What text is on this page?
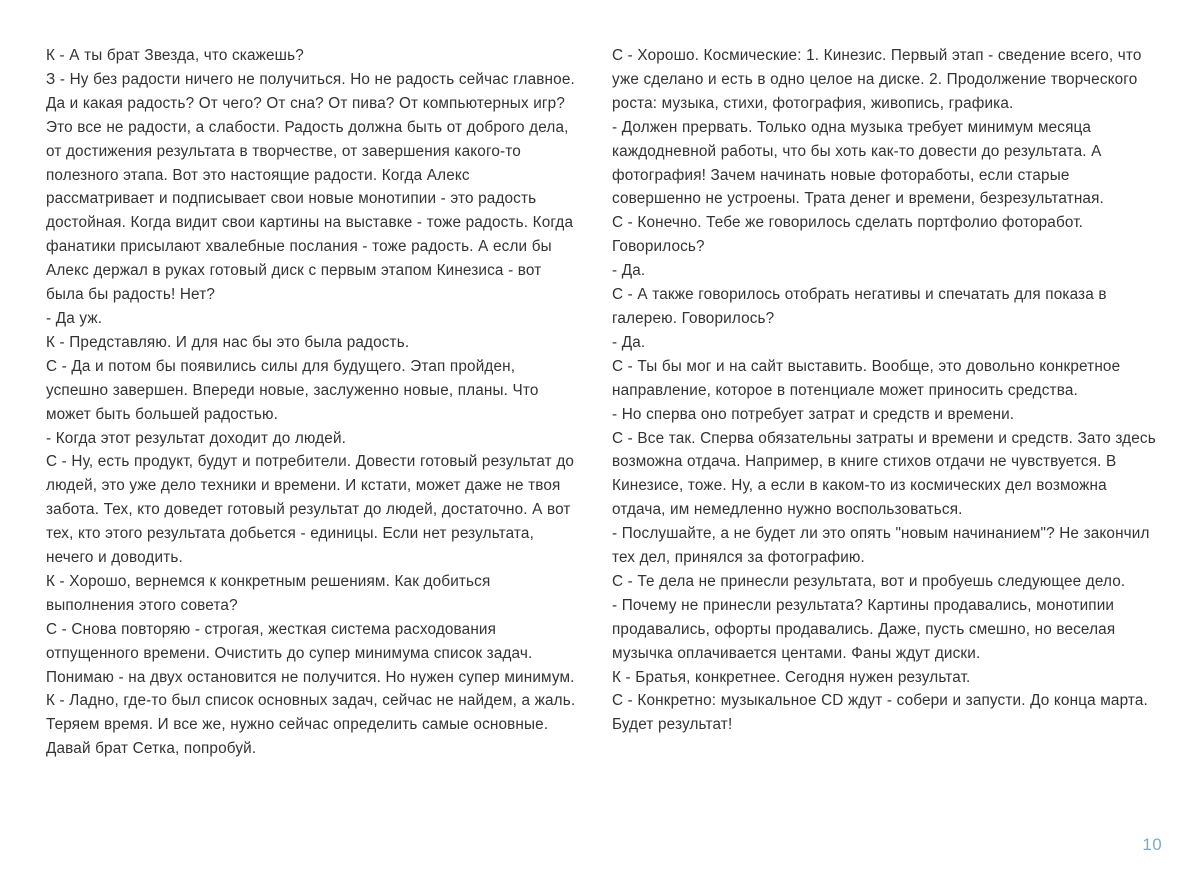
К - А ты брат Звезда, что скажешь?

З - Ну без радости ничего не получиться. Но не радость сейчас главное. Да и какая радость? От чего? От сна? От пива? От компьютерных игр? Это все не радости, а слабости. Радость должна быть от доброго дела, от достижения результата в творчестве, от завершения какого-то полезного этапа. Вот это настоящие радости. Когда Алекс рассматривает и подписывает свои новые монотипии - это радость достойная. Когда видит свои картины на выставке - тоже радость. Когда фанатики присылают хвалебные послания - тоже радость. А если бы Алекс держал в руках готовый диск с первым этапом Кинезиса - вот была бы радость! Нет?

- Да уж.

К - Представляю. И для нас бы это была радость.

С - Да и потом бы появились силы для будущего. Этап пройден, успешно завершен. Впереди новые, заслуженно новые, планы. Что может быть большей радостью.

- Когда этот результат доходит до людей.

С - Ну, есть продукт, будут и потребители. Довести готовый результат до людей, это уже дело техники и времени. И кстати, может даже не твоя забота. Тех, кто доведет готовый результат до людей, достаточно. А вот тех, кто этого результата добьется - единицы. Если нет результата, нечего и доводить.

К - Хорошо, вернемся к конкретным решениям. Как добиться выполнения этого совета?

С - Снова повторяю - строгая, жесткая система расходования отпущенного времени. Очистить до супер минимума список задач. Понимаю - на двух остановится не получится. Но нужен супер минимум.

К - Ладно, где-то был список основных задач, сейчас не найдем, а жаль. Теряем время. И все же, нужно сейчас определить самые основные. Давай брат Сетка, попробуй.

С - Хорошо. Космические: 1. Кинезис. Первый этап - сведение всего, что уже сделано и есть в одно целое на диске. 2. Продолжение творческого роста: музыка, стихи, фотография, живопись, графика.

- Должен прервать. Только одна музыка требует минимум месяца каждодневной работы, что бы хоть как-то довести до результата. А фотография! Зачем начинать новые фотоработы, если старые совершенно не устроены. Трата денег и времени, безрезультатная.

С - Конечно. Тебе же говорилось сделать портфолио фоторабот. Говорилось?

- Да.

С - А также говорилось отобрать негативы и спечатать для показа в галерею. Говорилось?

- Да.

С - Ты бы мог и на сайт выставить. Вообще, это довольно конкретное направление, которое в потенциале может приносить средства.

- Но сперва оно потребует затрат и средств и времени.

С - Все так. Сперва обязательны затраты и времени и средств. Зато здесь возможна отдача. Например, в книге стихов отдачи не чувствуется. В Кинезисе, тоже. Ну, а если в каком-то из космических дел возможна отдача, им немедленно нужно воспользоваться.

- Послушайте, а не будет ли это опять "новым начинанием"? Не закончил тех дел, принялся за фотографию.

С - Те дела не принесли результата, вот и пробуешь следующее дело.

- Почему не принесли результата? Картины продавались, монотипии продавались, офорты продавались. Даже, пусть смешно, но веселая музычка оплачивается центами. Фаны ждут диски.

К - Братья, конкретнее. Сегодня нужен результат.

С - Конкретно: музыкальное CD ждут - собери и запусти. До конца марта. Будет результат!

10
